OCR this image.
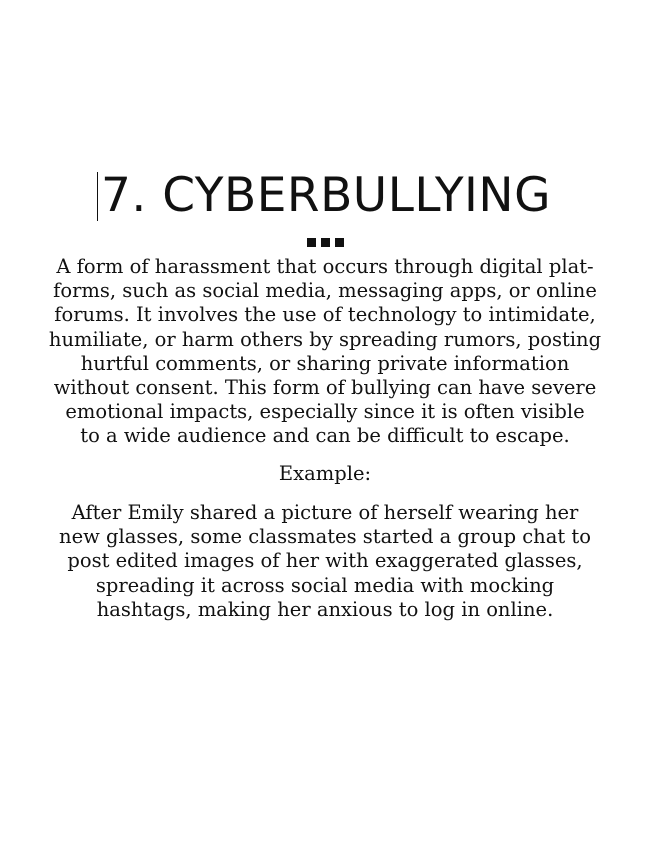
7. CYBERBULLYING
A form of harassment that occurs through digital plat-
forms, such as social media, messaging apps, or online
forums. It involves the use of technology to intimidate,
humiliate, or harm others by spreading rumors, posting
hurtful comments, or sharing private information
without consent. This form of bullying can have severe
emotional impacts, especially since it is often visible
to a wide audience and can be difficult to escape.
Example:
After Emily shared a picture of herself wearing her
new glasses, some classmates started a group chat to
post edited images of her with exaggerated glasses,
spreading it across social media with mocking
hashtags, making her anxious to log in online.
